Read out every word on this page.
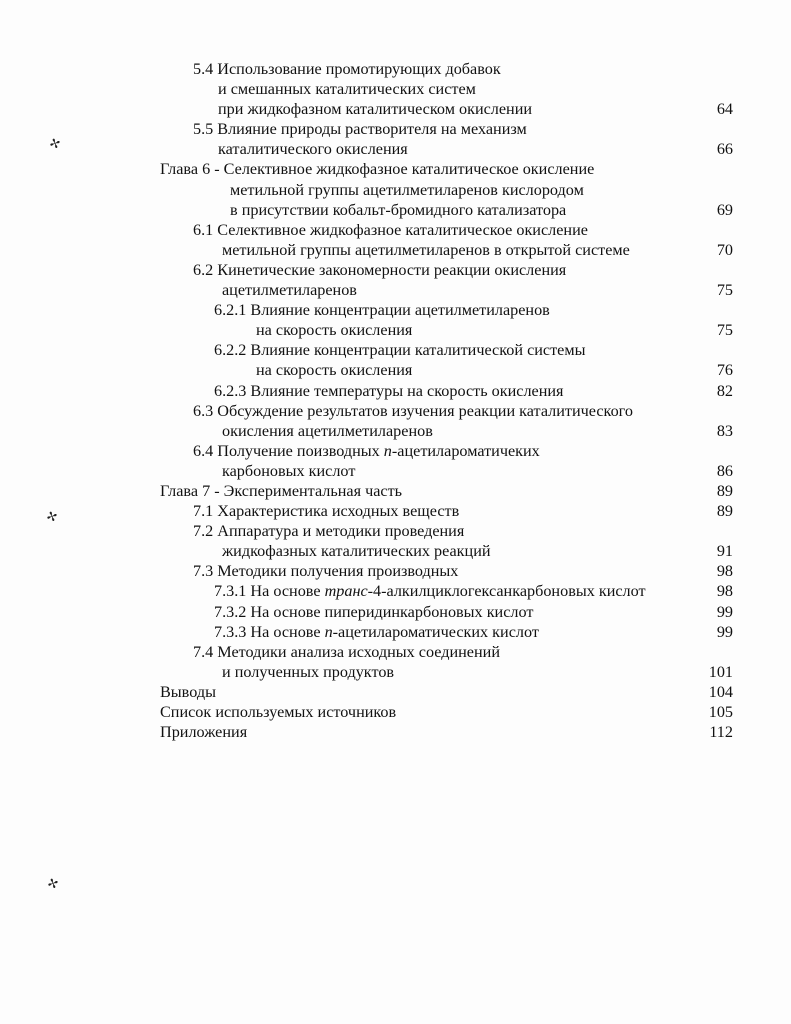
✢
✢
✢
5.4 Использование промотирующих добавок
и смешанных каталитических систем
при жидкофазном каталитическом окислении	64
5.5 Влияние природы растворителя на механизм
каталитического окисления	66
Глава 6 - Селективное жидкофазное каталитическое окисление
метильной группы ацетилметиларенов кислородом
в присутствии кобальт-бромидного катализатора	69
6.1 Селективное жидкофазное каталитическое окисление
метильной группы ацетилметиларенов в открытой системе	70
6.2 Кинетические закономерности реакции окисления
ацетилметиларенов	75
6.2.1 Влияние концентрации ацетилметиларенов
на скорость окисления	75
6.2.2 Влияние концентрации каталитической системы
на скорость окисления	76
6.2.3 Влияние температуры на скорость окисления	82
6.3 Обсуждение результатов изучения реакции каталитического
окисления ацетилметиларенов	83
6.4 Получение поизводных п-ацетилароматичеких
карбоновых кислот	86
Глава 7 - Экспериментальная часть	89
7.1 Характеристика исходных веществ	89
7.2 Аппаратура и методики проведения
жидкофазных каталитических реакций	91
7.3 Методики получения производных	98
7.3.1 На основе транс-4-алкилциклогексанкарбоновых кислот	98
7.3.2 На основе пиперидинкарбоновых кислот	99
7.3.3 На основе п-ацетилароматических кислот	99
7.4 Методики анализа исходных соединений
и полученных продуктов	101
Выводы	104
Список используемых источников	105
Приложения	112
